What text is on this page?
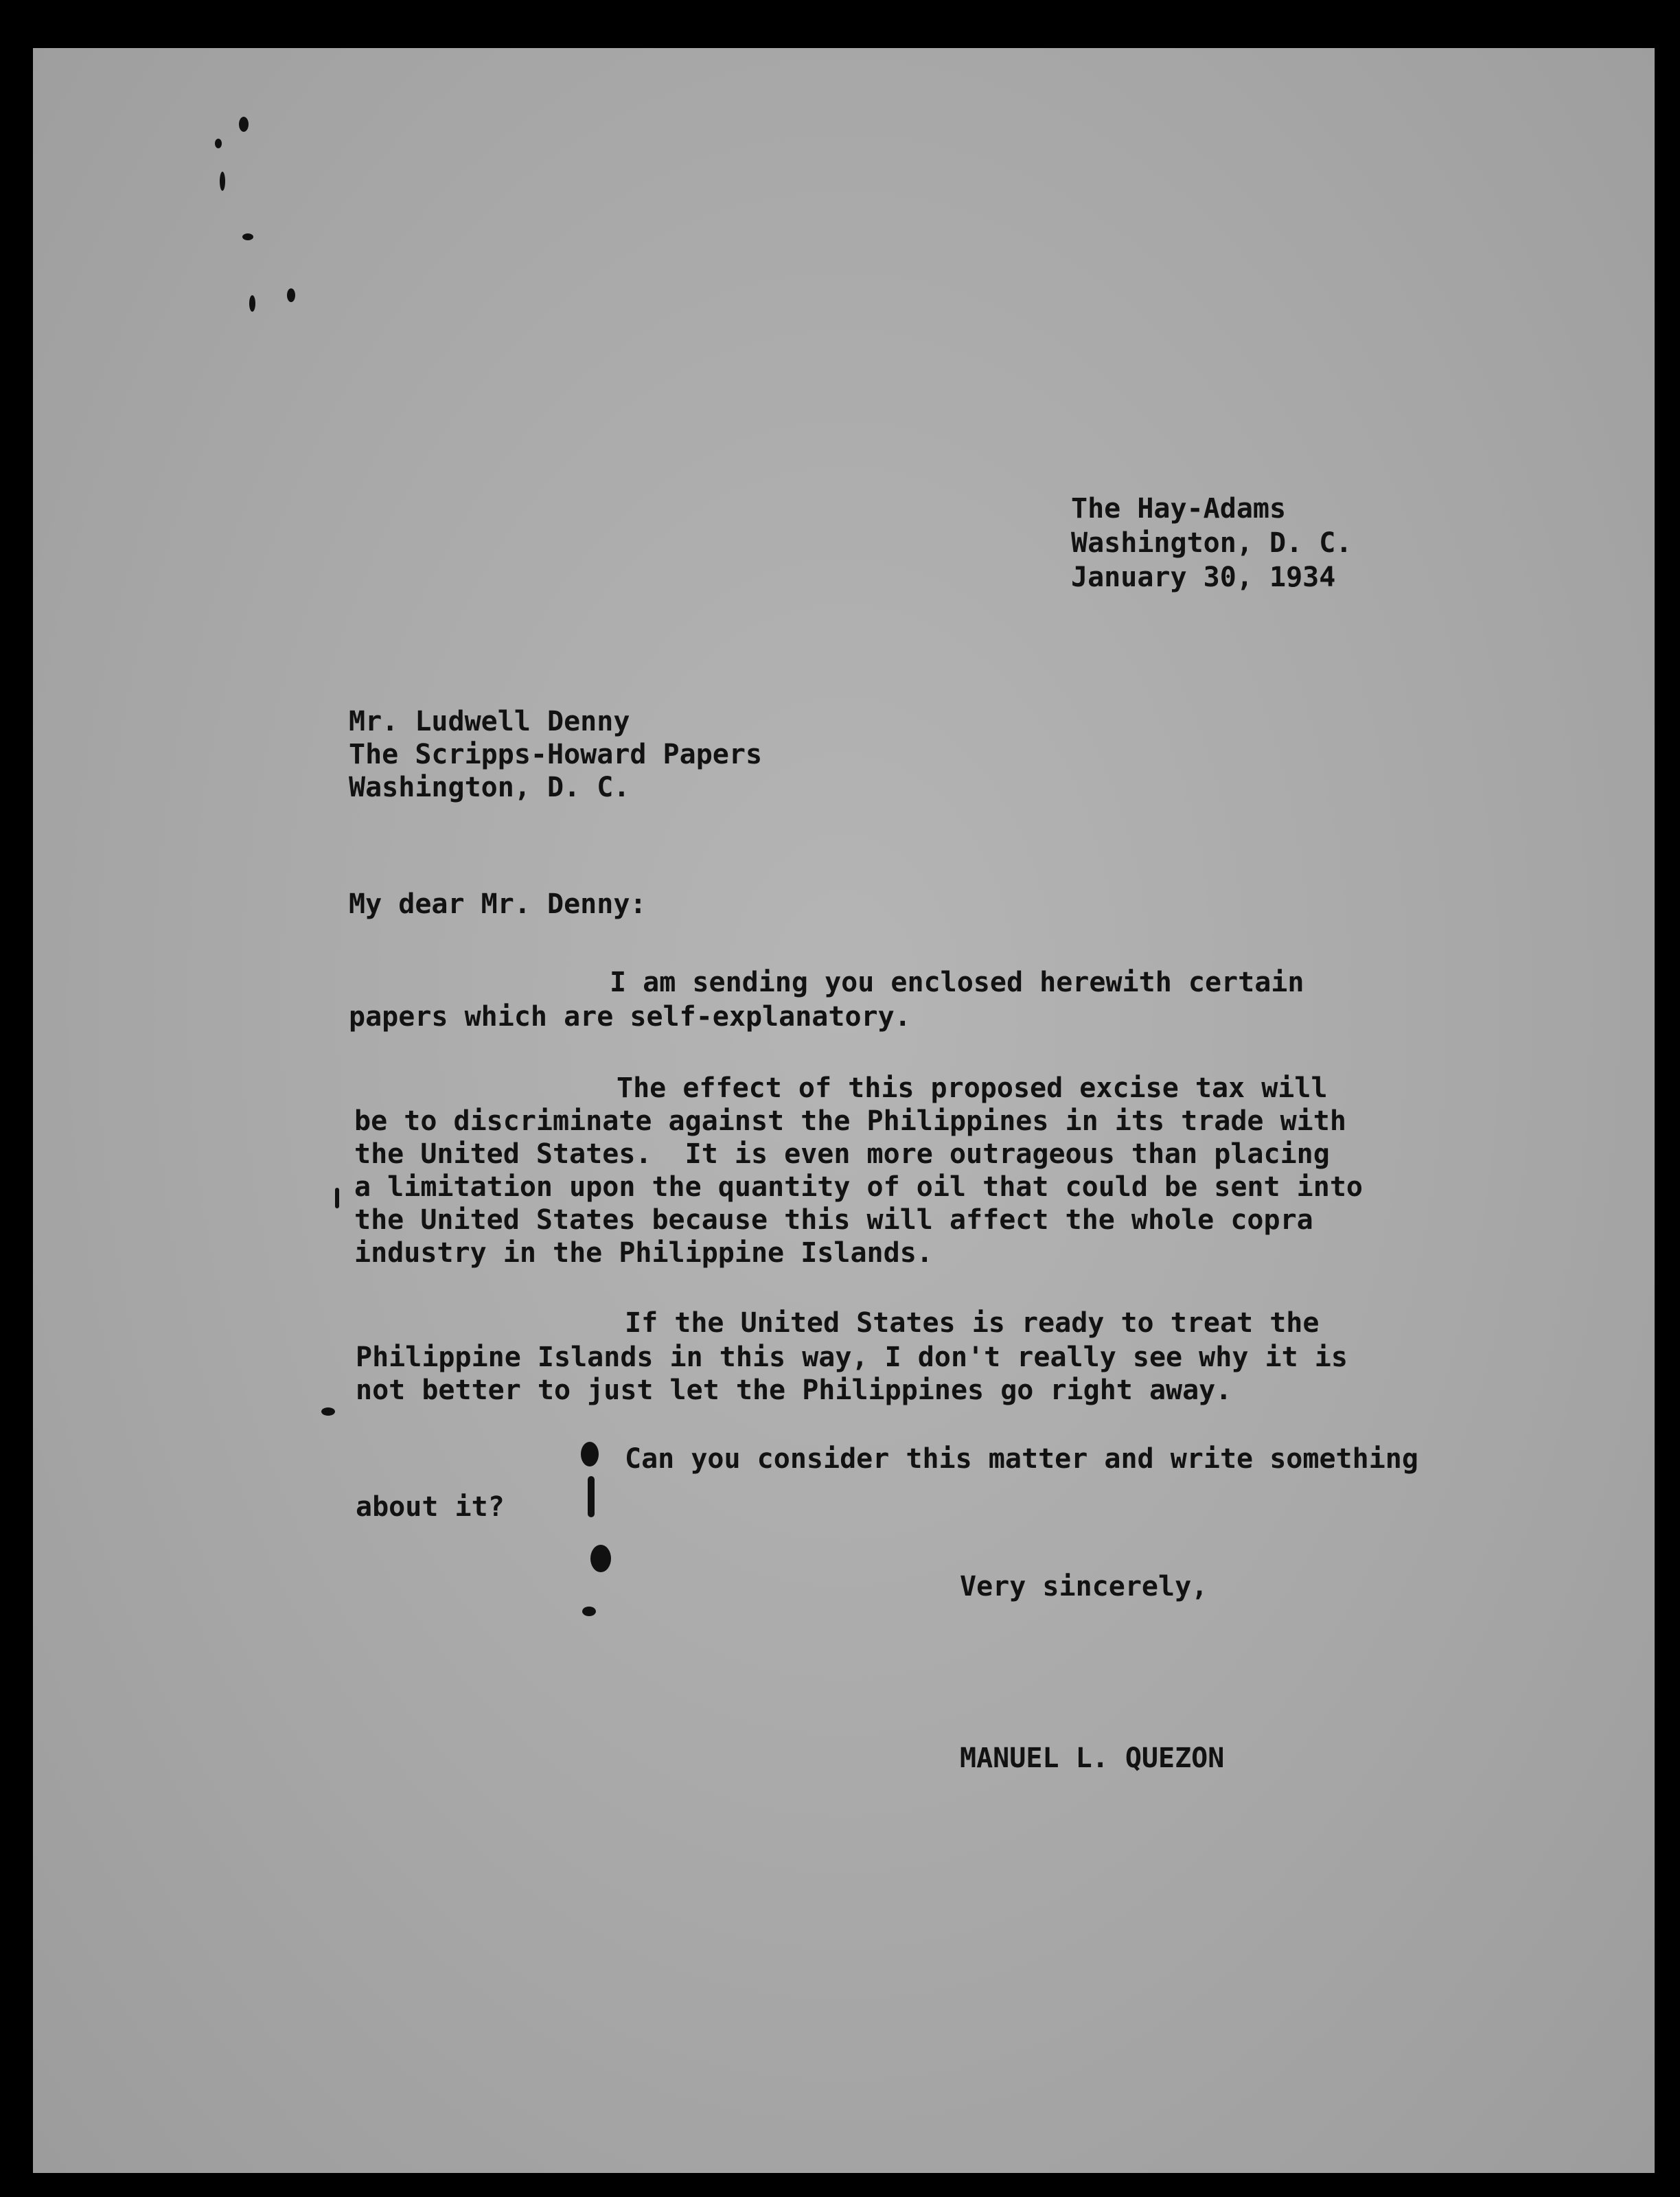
The Hay-Adams
Washington, D. C.
January 30, 1934
Mr. Ludwell Denny
The Scripps-Howard Papers
Washington, D. C.
My dear Mr. Denny:
I am sending you enclosed herewith certain
papers which are self-explanatory.
The effect of this proposed excise tax will
be to discriminate against the Philippines in its trade with
the United States.  It is even more outrageous than placing
a limitation upon the quantity of oil that could be sent into
the United States because this will affect the whole copra
industry in the Philippine Islands.
If the United States is ready to treat the
Philippine Islands in this way, I don't really see why it is
not better to just let the Philippines go right away.
Can you consider this matter and write something
about it?
Very sincerely,
MANUEL L. QUEZON
